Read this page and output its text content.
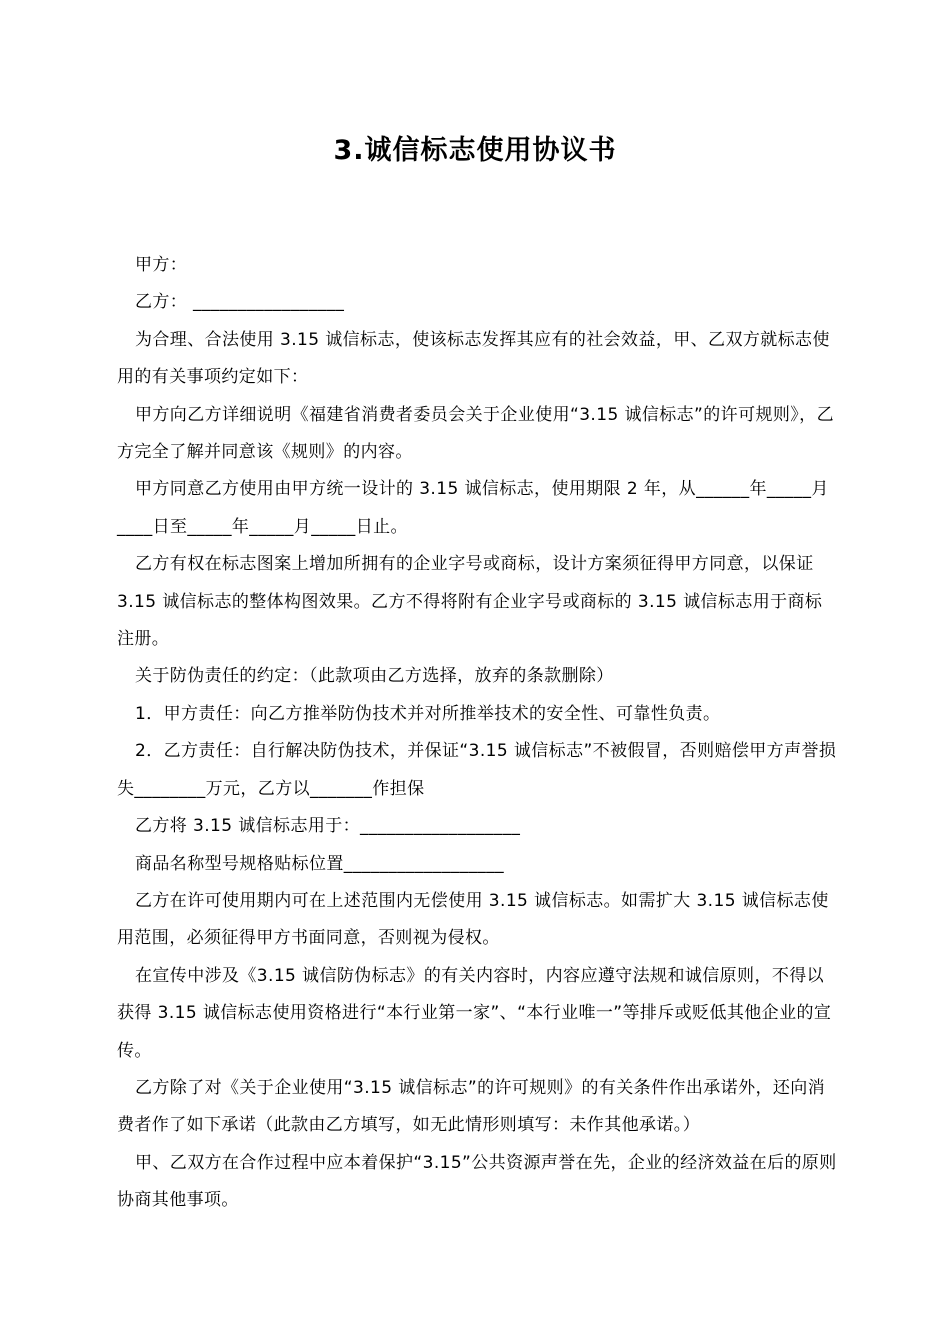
3.诚信标志使用协议书

甲方：

乙方： _________________

为合理、合法使用 3.15 诚信标志，使该标志发挥其应有的社会效益，甲、乙双方就标志使用的有关事项约定如下：

甲方向乙方详细说明《福建省消费者委员会关于企业使用“3.15 诚信标志”的许可规则》，乙方完全了解并同意该《规则》的内容。

甲方同意乙方使用由甲方统一设计的 3.15 诚信标志，使用期限 2 年，从______年_____月____日至_____年_____月_____日止。

乙方有权在标志图案上增加所拥有的企业字号或商标，设计方案须征得甲方同意，以保证 3.15 诚信标志的整体构图效果。乙方不得将附有企业字号或商标的 3.15 诚信标志用于商标注册。

关于防伪责任的约定：（此款项由乙方选择，放弃的条款删除）

1．甲方责任：向乙方推举防伪技术并对所推举技术的安全性、可靠性负责。

2．乙方责任：自行解决防伪技术，并保证“3.15 诚信标志”不被假冒，否则赔偿甲方声誉损失________万元，乙方以_______作担保

乙方将 3.15 诚信标志用于：__________________

商品名称型号规格贴标位置__________________

乙方在许可使用期内可在上述范围内无偿使用 3.15 诚信标志。如需扩大 3.15 诚信标志使用范围，必须征得甲方书面同意，否则视为侵权。

在宣传中涉及《3.15 诚信防伪标志》的有关内容时，内容应遵守法规和诚信原则，不得以获得 3.15 诚信标志使用资格进行“本行业第一家”、“本行业唯一”等排斥或贬低其他企业的宣传。

乙方除了对《关于企业使用“3.15 诚信标志”的许可规则》的有关条件作出承诺外，还向消费者作了如下承诺（此款由乙方填写，如无此情形则填写：未作其他承诺。）

甲、乙双方在合作过程中应本着保护“3.15”公共资源声誉在先，企业的经济效益在后的原则协商其他事项。
